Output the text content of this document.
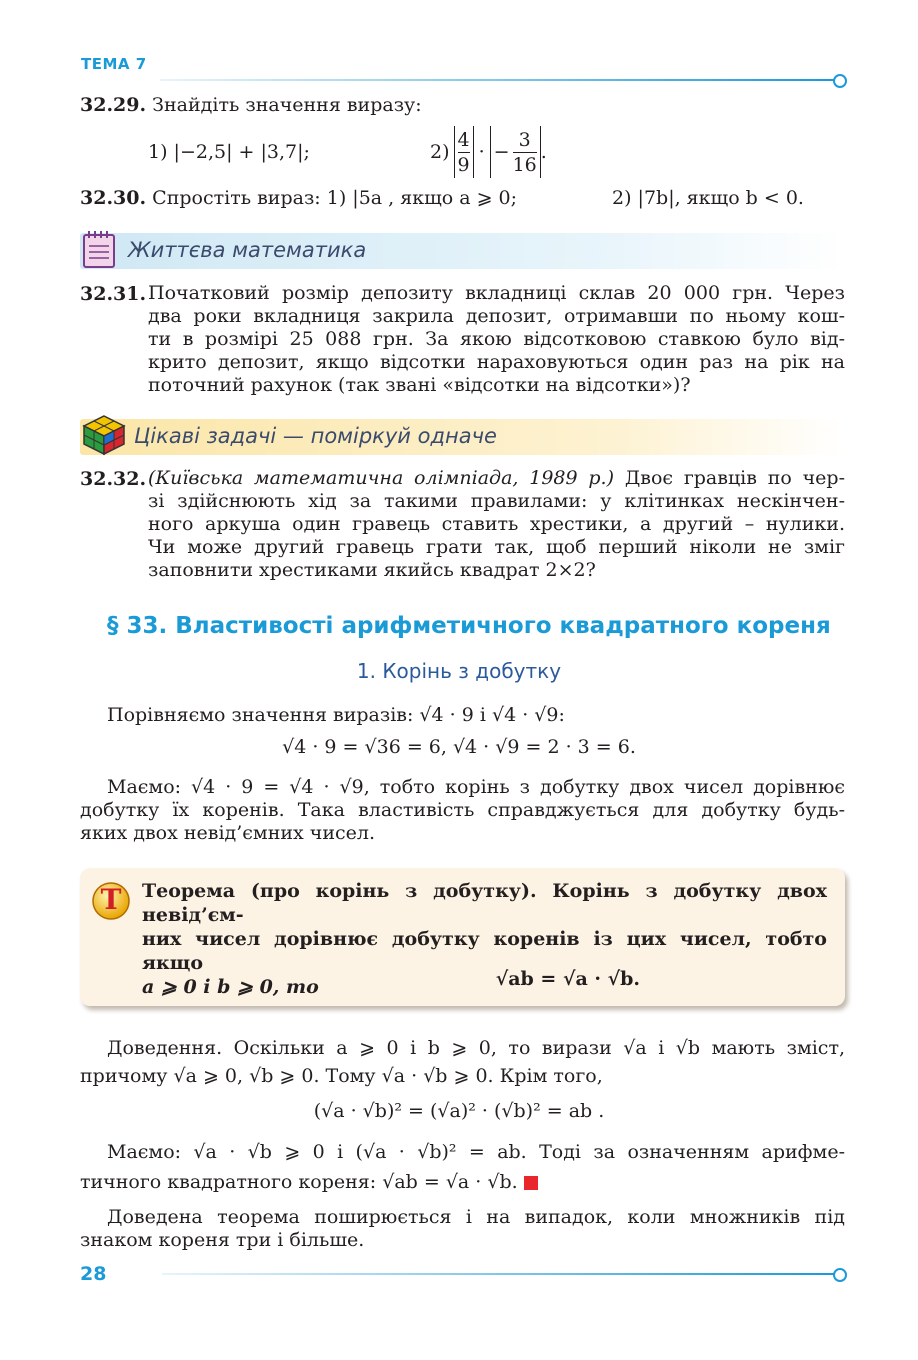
ТЕМА 7
32.29. Знайдіть значення виразу:
1) |−2,5| + |3,7|;	2)
4
9
· − $\frac{3}{16}$ .
32.30. Спростіть вираз: 1) |5a , якщо a ⩾ 0;	2) |7b|, якщо b < 0.
Життєва математика
32.31. Початковий розмір депозиту вкладниці склав 20 000 грн. Через
два роки вкладниця закрила депозит, отримавши по ньому кош-
ти в розмірі 25 088 грн. За якою відсотковою ставкою було від-
крито депозит, якщо відсотки нараховуються один раз на рік на
поточний рахунок (так звані «відсотки на відсотки»)?
Цікаві задачі — поміркуй одначе
32.32. (Київська математична олімпіада, 1989 р.) Двоє гравців по чер-
зі здійснюють хід за такими правилами: у клітинках нескінчен-
ного аркуша один гравець ставить хрестики, а другий – нулики.
Чи може другий гравець грати так, щоб перший ніколи не зміг
заповнити хрестиками якийсь квадрат 2×2?
§ 33. Властивості арифметичного квадратного кореня
1. Корінь з добутку
Порівняємо значення виразів: √4 · 9 і √4 · √9:
√4 · 9 = √36 = 6, √4 · √9 = 2 · 3 = 6.
Маємо: √4 · 9 = √4 · √9, тобто корінь з добутку двох чисел дорівнює
добутку їх коренів. Така властивість справджується для добутку будь-
яких двох невід’ємних чисел.
Т	Теорема (про корінь з добутку). Корінь з добутку двох невід’єм-
них чисел дорівнює добутку коренів із цих чисел, тобто якщо
a ⩾ 0 і b ⩾ 0, то	√ab = √a · √b.
Доведення. Оскільки a ⩾ 0 і b ⩾ 0, то вирази √a і √b мають зміст,
причому √a ⩾ 0, √b ⩾ 0. Тому √a · √b ⩾ 0. Крім того,
(√a · √b)² = (√a)² · (√b)² = ab .
Маємо: √a · √b ⩾ 0 і (√a · √b)² = ab. Тоді за означенням арифме-
тичного квадратного кореня: √ab = √a · √b.
Доведена теорема поширюється і на випадок, коли множників під
знаком кореня три і більше.
28
